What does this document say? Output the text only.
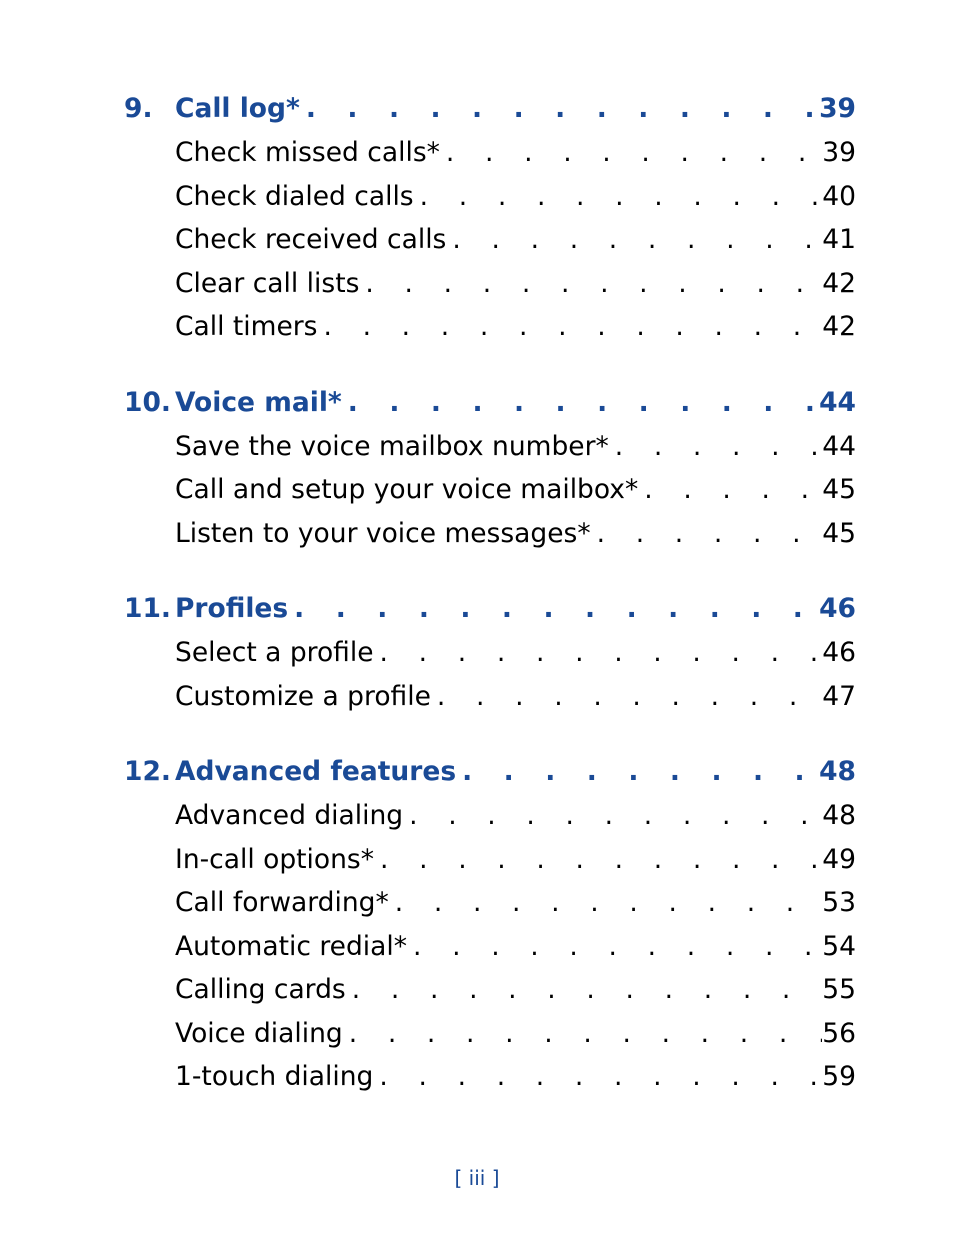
9. Call log* . . .	39
Check missed calls* . . .	39
Check dialed calls . . .	40
Check received calls . . .	41
Clear call lists . . .	42
Call timers . . .	42
10. Voice mail* . . .	44
Save the voice mailbox number* . . .	44
Call and setup your voice mailbox* . . .	45
Listen to your voice messages* . . .	45
11. Profiles . . .	46
Select a profile . . .	46
Customize a profile . . .	47
12. Advanced features . . .	48
Advanced dialing . . .	48
In-call options* . . .	49
Call forwarding* . . .	53
Automatic redial* . . .	54
Calling cards . . .	55
Voice dialing . . .	56
1-touch dialing . . .	59
[ iii ]
